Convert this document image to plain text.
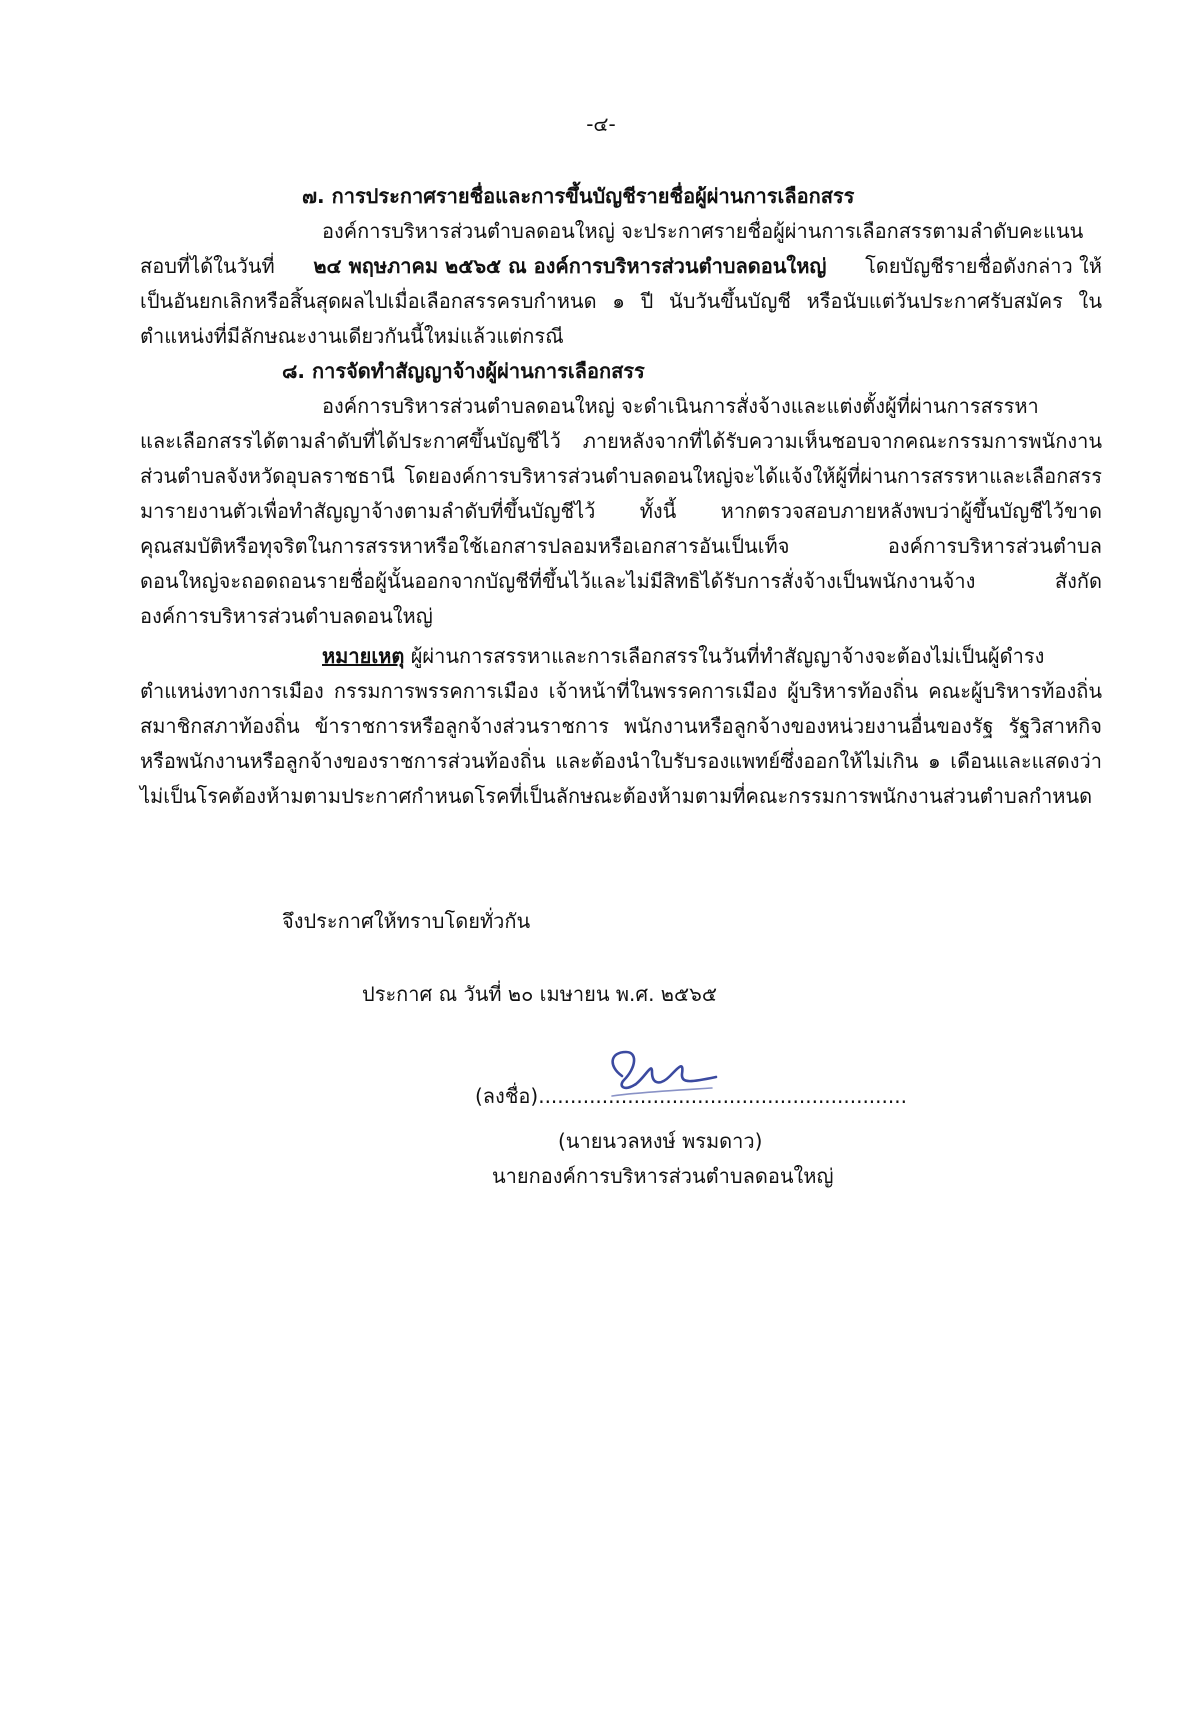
-๔-
๗. การประกาศรายชื่อและการขึ้นบัญชีรายชื่อผู้ผ่านการเลือกสรร
องค์การบริหารส่วนตำบลดอนใหญ่ จะประกาศรายชื่อผู้ผ่านการเลือกสรรตามลำดับคะแนน
สอบที่ได้ในวันที่ ๒๔ พฤษภาคม ๒๕๖๕ ณ องค์การบริหารส่วนตำบลดอนใหญ่ โดยบัญชีรายชื่อดังกล่าว ให้
เป็นอันยกเลิกหรือสิ้นสุดผลไปเมื่อเลือกสรรครบกำหนด ๑ ปี นับวันขึ้นบัญชี หรือนับแต่วันประกาศรับสมัคร ใน
ตำแหน่งที่มีลักษณะงานเดียวกันนี้ใหม่แล้วแต่กรณี
๘. การจัดทำสัญญาจ้างผู้ผ่านการเลือกสรร
องค์การบริหารส่วนตำบลดอนใหญ่ จะดำเนินการสั่งจ้างและแต่งตั้งผู้ที่ผ่านการสรรหา
และเลือกสรรได้ตามลำดับที่ได้ประกาศขึ้นบัญชีไว้ ภายหลังจากที่ได้รับความเห็นชอบจากคณะกรรมการพนักงาน
ส่วนตำบลจังหวัดอุบลราชธานี โดยองค์การบริหารส่วนตำบลดอนใหญ่จะได้แจ้งให้ผู้ที่ผ่านการสรรหาและเลือกสรร
มารายงานตัวเพื่อทำสัญญาจ้างตามลำดับที่ขึ้นบัญชีไว้ ทั้งนี้ หากตรวจสอบภายหลังพบว่าผู้ขึ้นบัญชีไว้ขาด
คุณสมบัติหรือทุจริตในการสรรหาหรือใช้เอกสารปลอมหรือเอกสารอันเป็นเท็จ องค์การบริหารส่วนตำบล
ดอนใหญ่จะถอดถอนรายชื่อผู้นั้นออกจากบัญชีที่ขึ้นไว้และไม่มีสิทธิได้รับการสั่งจ้างเป็นพนักงานจ้าง สังกัด
องค์การบริหารส่วนตำบลดอนใหญ่
หมายเหตุ ผู้ผ่านการสรรหาและการเลือกสรรในวันที่ทำสัญญาจ้างจะต้องไม่เป็นผู้ดำรง
ตำแหน่งทางการเมือง กรรมการพรรคการเมือง เจ้าหน้าที่ในพรรคการเมือง ผู้บริหารท้องถิ่น คณะผู้บริหารท้องถิ่น
สมาชิกสภาท้องถิ่น ข้าราชการหรือลูกจ้างส่วนราชการ พนักงานหรือลูกจ้างของหน่วยงานอื่นของรัฐ รัฐวิสาหกิจ
หรือพนักงานหรือลูกจ้างของราชการส่วนท้องถิ่น และต้องนำใบรับรองแพทย์ซึ่งออกให้ไม่เกิน ๑ เดือนและแสดงว่า
ไม่เป็นโรคต้องห้ามตามประกาศกำหนดโรคที่เป็นลักษณะต้องห้ามตามที่คณะกรรมการพนักงานส่วนตำบลกำหนด
จึงประกาศให้ทราบโดยทั่วกัน
ประกาศ ณ วันที่ ๒๐ เมษายน พ.ศ. ๒๕๖๕
(ลงชื่อ)..........................................................
(นายนวลหงษ์ พรมดาว)
นายกองค์การบริหารส่วนตำบลดอนใหญ่
